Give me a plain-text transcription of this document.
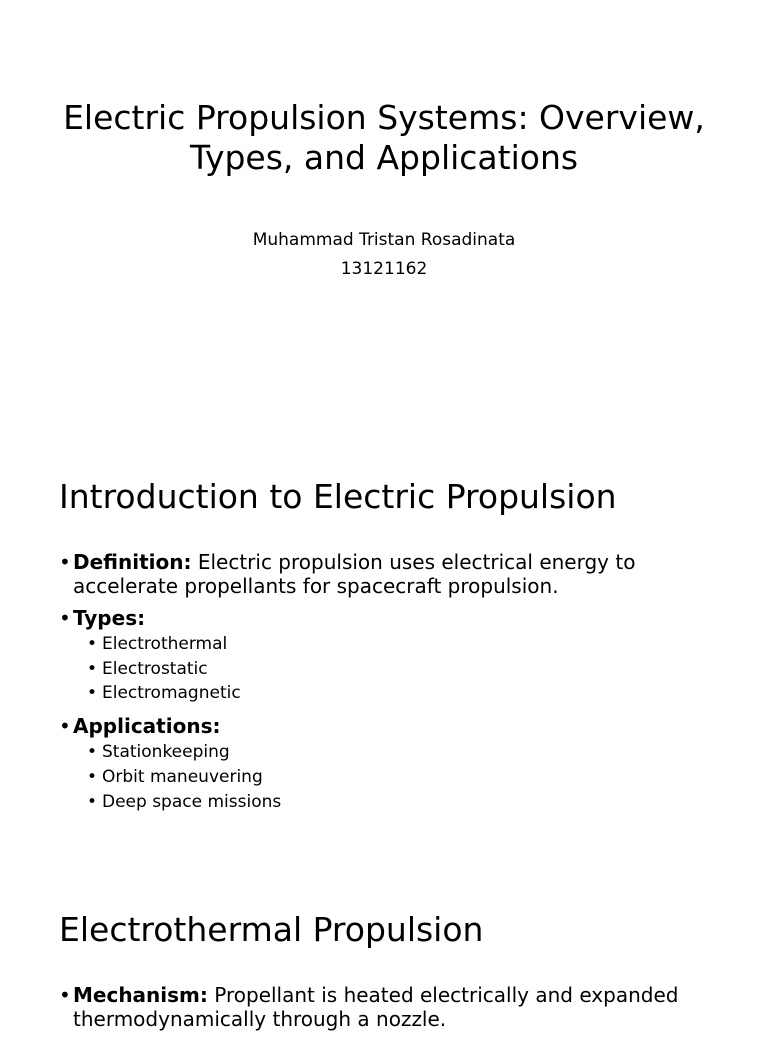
Electric Propulsion Systems: Overview, Types, and Applications
Muhammad Tristan Rosadinata
13121162
Introduction to Electric Propulsion
• Definition: Electric propulsion uses electrical energy to accelerate propellants for spacecraft propulsion.
• Types:
• Electrothermal
• Electrostatic
• Electromagnetic
• Applications:
• Stationkeeping
• Orbit maneuvering
• Deep space missions
Electrothermal Propulsion
• Mechanism: Propellant is heated electrically and expanded thermodynamically through a nozzle.
